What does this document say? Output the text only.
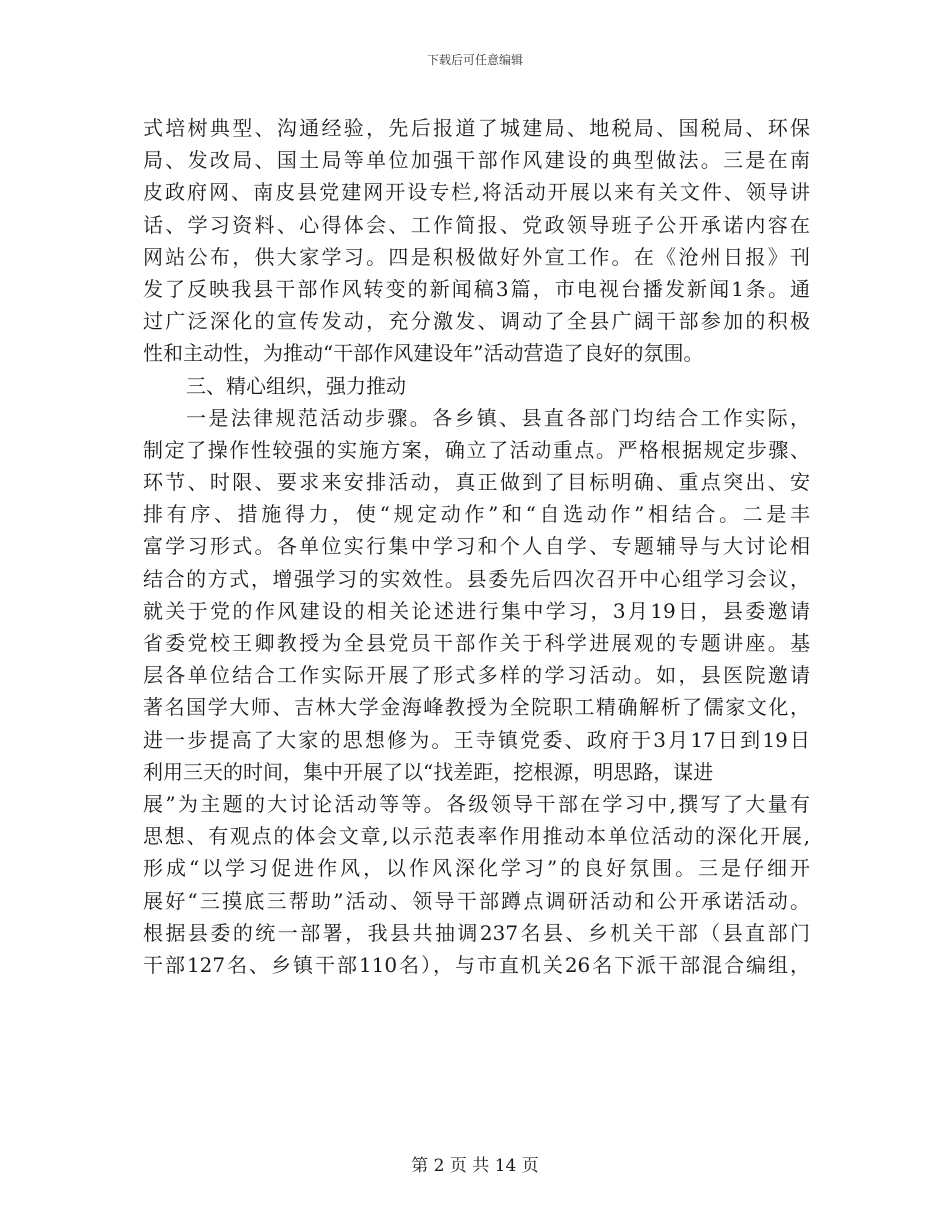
下载后可任意编辑
式培树典型、沟通经验，先后报道了城建局、地税局、国税局、环保
局、发改局、国土局等单位加强干部作风建设的典型做法。三是在南
皮政府网、南皮县党建网开设专栏,将活动开展以来有关文件、领导讲
话、学习资料、心得体会、工作简报、党政领导班子公开承诺内容在
网站公布，供大家学习。四是积极做好外宣工作。在《沧州日报》刊
发了反映我县干部作风转变的新闻稿3篇，市电视台播发新闻1条。通
过广泛深化的宣传发动，充分激发、调动了全县广阔干部参加的积极
性和主动性，为推动“干部作风建设年”活动营造了良好的氛围。
三、精心组织，强力推动
一是法律规范活动步骤。各乡镇、县直各部门均结合工作实际，
制定了操作性较强的实施方案，确立了活动重点。严格根据规定步骤、
环节、时限、要求来安排活动，真正做到了目标明确、重点突出、安
排有序、措施得力，使“规定动作”和“自选动作”相结合。二是丰
富学习形式。各单位实行集中学习和个人自学、专题辅导与大讨论相
结合的方式，增强学习的实效性。县委先后四次召开中心组学习会议，
就关于党的作风建设的相关论述进行集中学习，3月19日，县委邀请
省委党校王卿教授为全县党员干部作关于科学进展观的专题讲座。基
层各单位结合工作实际开展了形式多样的学习活动。如，县医院邀请
著名国学大师、吉林大学金海峰教授为全院职工精确解析了儒家文化，
进一步提高了大家的思想修为。王寺镇党委、政府于3月17日到19日
利用三天的时间，集中开展了以“找差距，挖根源，明思路，谋进
展”为主题的大讨论活动等等。各级领导干部在学习中,撰写了大量有
思想、有观点的体会文章,以示范表率作用推动本单位活动的深化开展,
形成“以学习促进作风，以作风深化学习”的良好氛围。三是仔细开
展好“三摸底三帮助”活动、领导干部蹲点调研活动和公开承诺活动。
根据县委的统一部署，我县共抽调237名县、乡机关干部（县直部门
干部127名、乡镇干部110名），与市直机关26名下派干部混合编组，
第 2 页 共 14 页
